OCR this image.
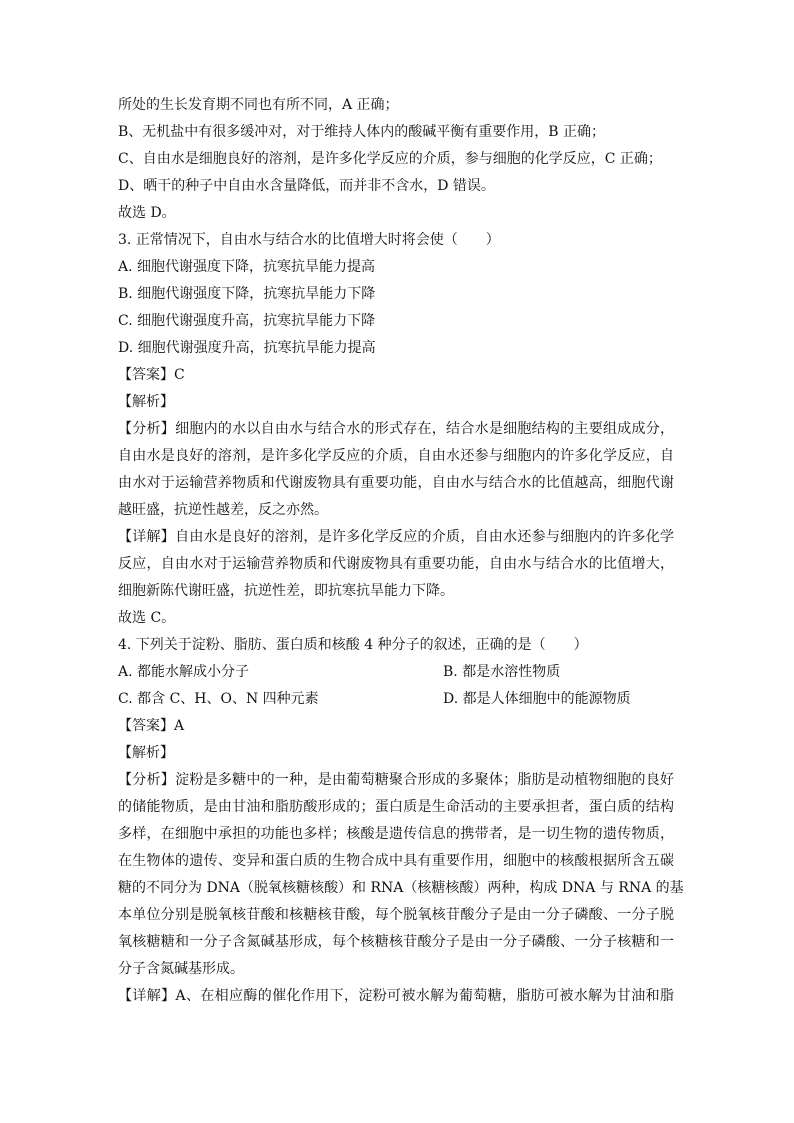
所处的生长发育期不同也有所不同，A 正确；
B、无机盐中有很多缓冲对，对于维持人体内的酸碱平衡有重要作用，B 正确；
C、自由水是细胞良好的溶剂，是许多化学反应的介质，参与细胞的化学反应，C 正确；
D、晒干的种子中自由水含量降低，而并非不含水，D 错误。
故选 D。
3. 正常情况下，自由水与结合水的比值增大时将会使（　　）
A. 细胞代谢强度下降，抗寒抗旱能力提高
B. 细胞代谢强度下降，抗寒抗旱能力下降
C. 细胞代谢强度升高，抗寒抗旱能力下降
D. 细胞代谢强度升高，抗寒抗旱能力提高
【答案】C
【解析】
【分析】细胞内的水以自由水与结合水的形式存在，结合水是细胞结构的主要组成成分，
自由水是良好的溶剂，是许多化学反应的介质，自由水还参与细胞内的许多化学反应，自
由水对于运输营养物质和代谢废物具有重要功能，自由水与结合水的比值越高，细胞代谢
越旺盛，抗逆性越差，反之亦然。
【详解】自由水是良好的溶剂，是许多化学反应的介质，自由水还参与细胞内的许多化学
反应，自由水对于运输营养物质和代谢废物具有重要功能，自由水与结合水的比值增大，
细胞新陈代谢旺盛，抗逆性差，即抗寒抗旱能力下降。
故选 C。
4. 下列关于淀粉、脂肪、蛋白质和核酸 4 种分子的叙述，正确的是（　　）
A. 都能水解成小分子	B. 都是水溶性物质
C. 都含 C、H、O、N 四种元素	D. 都是人体细胞中的能源物质
【答案】A
【解析】
【分析】淀粉是多糖中的一种，是由葡萄糖聚合形成的多聚体；脂肪是动植物细胞的良好
的储能物质，是由甘油和脂肪酸形成的；蛋白质是生命活动的主要承担者，蛋白质的结构
多样，在细胞中承担的功能也多样；核酸是遗传信息的携带者，是一切生物的遗传物质，
在生物体的遗传、变异和蛋白质的生物合成中具有重要作用，细胞中的核酸根据所含五碳
糖的不同分为 DNA（脱氧核糖核酸）和 RNA（核糖核酸）两种，构成 DNA 与 RNA 的基
本单位分别是脱氧核苷酸和核糖核苷酸，每个脱氧核苷酸分子是由一分子磷酸、一分子脱
氧核糖糖和一分子含氮碱基形成，每个核糖核苷酸分子是由一分子磷酸、一分子核糖和一
分子含氮碱基形成。
【详解】A、在相应酶的催化作用下，淀粉可被水解为葡萄糖，脂肪可被水解为甘油和脂
